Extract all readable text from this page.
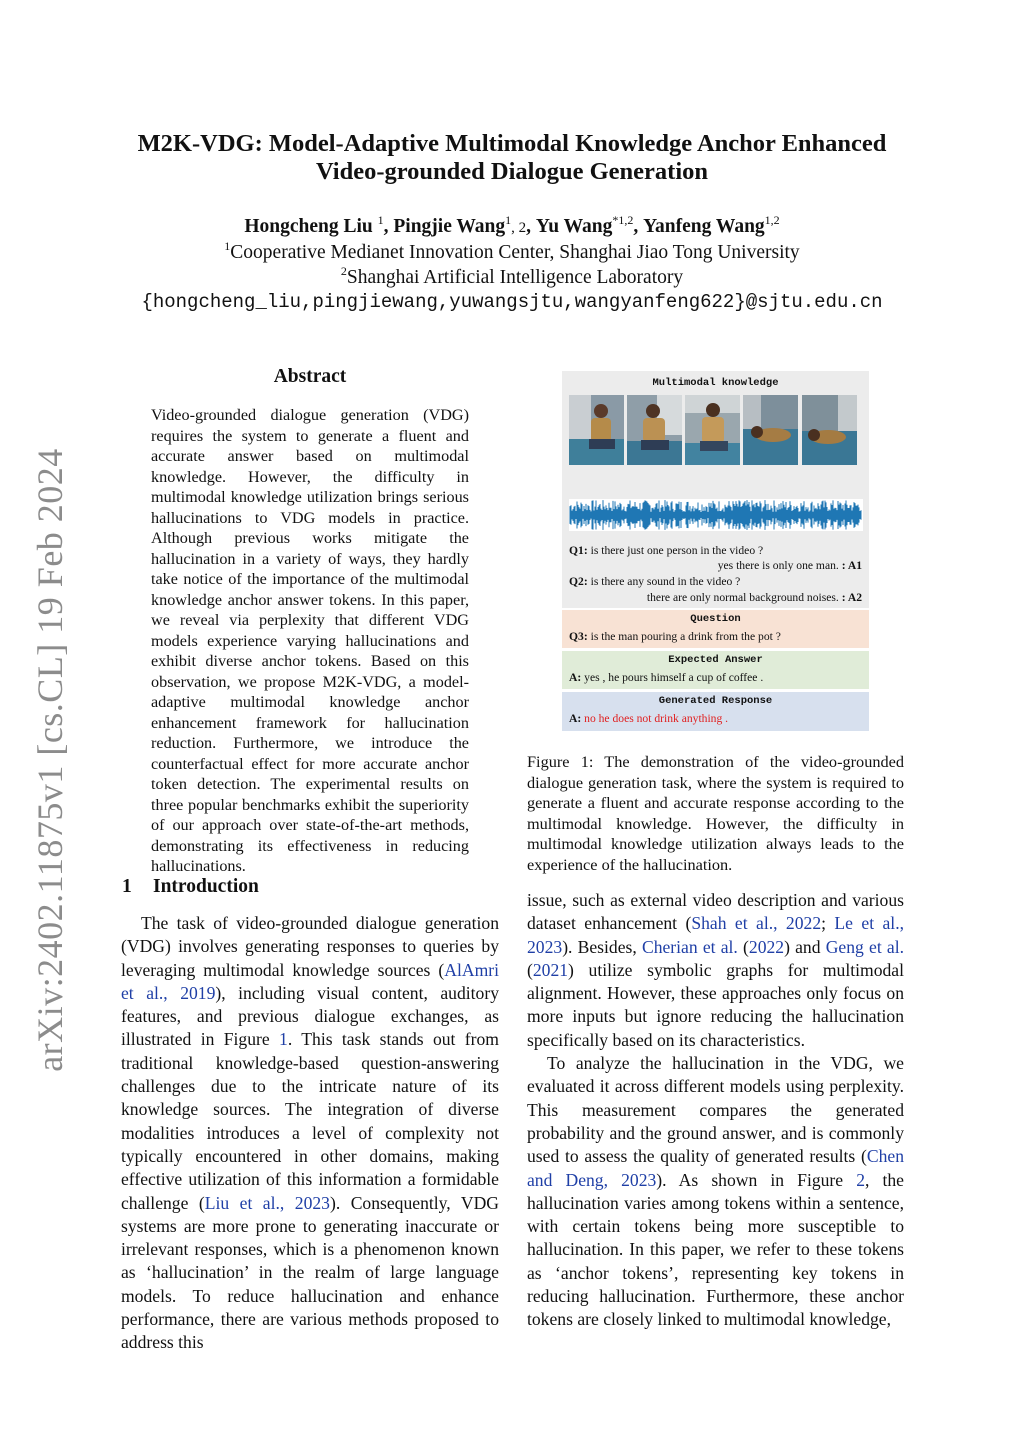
arXiv:2402.11875v1 [cs.CL] 19 Feb 2024
M2K-VDG: Model-Adaptive Multimodal Knowledge Anchor Enhanced
Video-grounded Dialogue Generation
Hongcheng Liu $^1$, Pingjie Wang$^1$, 2, Yu Wang$^{*1,2}$, Yanfeng Wang$^{1,2}$
$^1$Cooperative Medianet Innovation Center, Shanghai Jiao Tong University
$^2$Shanghai Artificial Intelligence Laboratory
{hongcheng_liu,pingjiewang,yuwangsjtu,wangyanfeng622}@sjtu.edu.cn
Abstract
Video-grounded dialogue generation (VDG) requires the system to generate a fluent and accurate answer based on multimodal knowledge. However, the difficulty in multimodal knowledge utilization brings serious hallucinations to VDG models in practice. Although previous works mitigate the hallucination in a variety of ways, they hardly take notice of the importance of the multimodal knowledge anchor answer tokens. In this paper, we reveal via perplexity that different VDG models experience varying hallucinations and exhibit diverse anchor tokens. Based on this observation, we propose M2K-VDG, a model-adaptive multimodal knowledge anchor enhancement framework for hallucination reduction. Furthermore, we introduce the counterfactual effect for more accurate anchor token detection. The experimental results on three popular benchmarks exhibit the superiority of our approach over state-of-the-art methods, demonstrating its effectiveness in reducing hallucinations.
1 Introduction

The task of video-grounded dialogue generation (VDG) involves generating responses to queries by leveraging multimodal knowledge sources (AlAmri et al., 2019), including visual content, auditory features, and previous dialogue exchanges, as illustrated in Figure 1. This task stands out from traditional knowledge-based question-answering challenges due to the intricate nature of its knowledge sources. The integration of diverse modalities introduces a level of complexity not typically encountered in other domains, making effective utilization of this information a formidable challenge (Liu et al., 2023). Consequently, VDG systems are more prone to generating inaccurate or irrelevant responses, which is a phenomenon known as ‘hallucination’ in the realm of large language models. To reduce hallucination and enhance performance, there are various methods proposed to address this

Multimodal knowledge
Q1: is there just one person in the video ?
yes there is only one man. : A1
Q2: is there any sound in the video ?
there are only normal background noises. : A2
Question
Q3: is the man pouring a drink from the pot ?
Expected Answer
A: yes , he pours himself a cup of coffee .
Generated Response
A: no he does not drink anything .
Figure 1: The demonstration of the video-grounded dialogue generation task, where the system is required to generate a fluent and accurate response according to the multimodal knowledge. However, the difficulty in multimodal knowledge utilization always leads to the experience of the hallucination.

issue, such as external video description and various dataset enhancement (Shah et al., 2022; Le et al., 2023). Besides, Cherian et al. (2022) and Geng et al. (2021) utilize symbolic graphs for multimodal alignment. However, these approaches only focus on more inputs but ignore reducing the hallucination specifically based on its characteristics.

To analyze the hallucination in the VDG, we evaluated it across different models using perplexity. This measurement compares the generated probability and the ground answer, and is commonly used to assess the quality of generated results (Chen and Deng, 2023). As shown in Figure 2, the hallucination varies among tokens within a sentence, with certain tokens being more susceptible to hallucination. In this paper, we refer to these tokens as ‘anchor tokens’, representing key tokens in reducing hallucination. Furthermore, these anchor tokens are closely linked to multimodal knowledge,
